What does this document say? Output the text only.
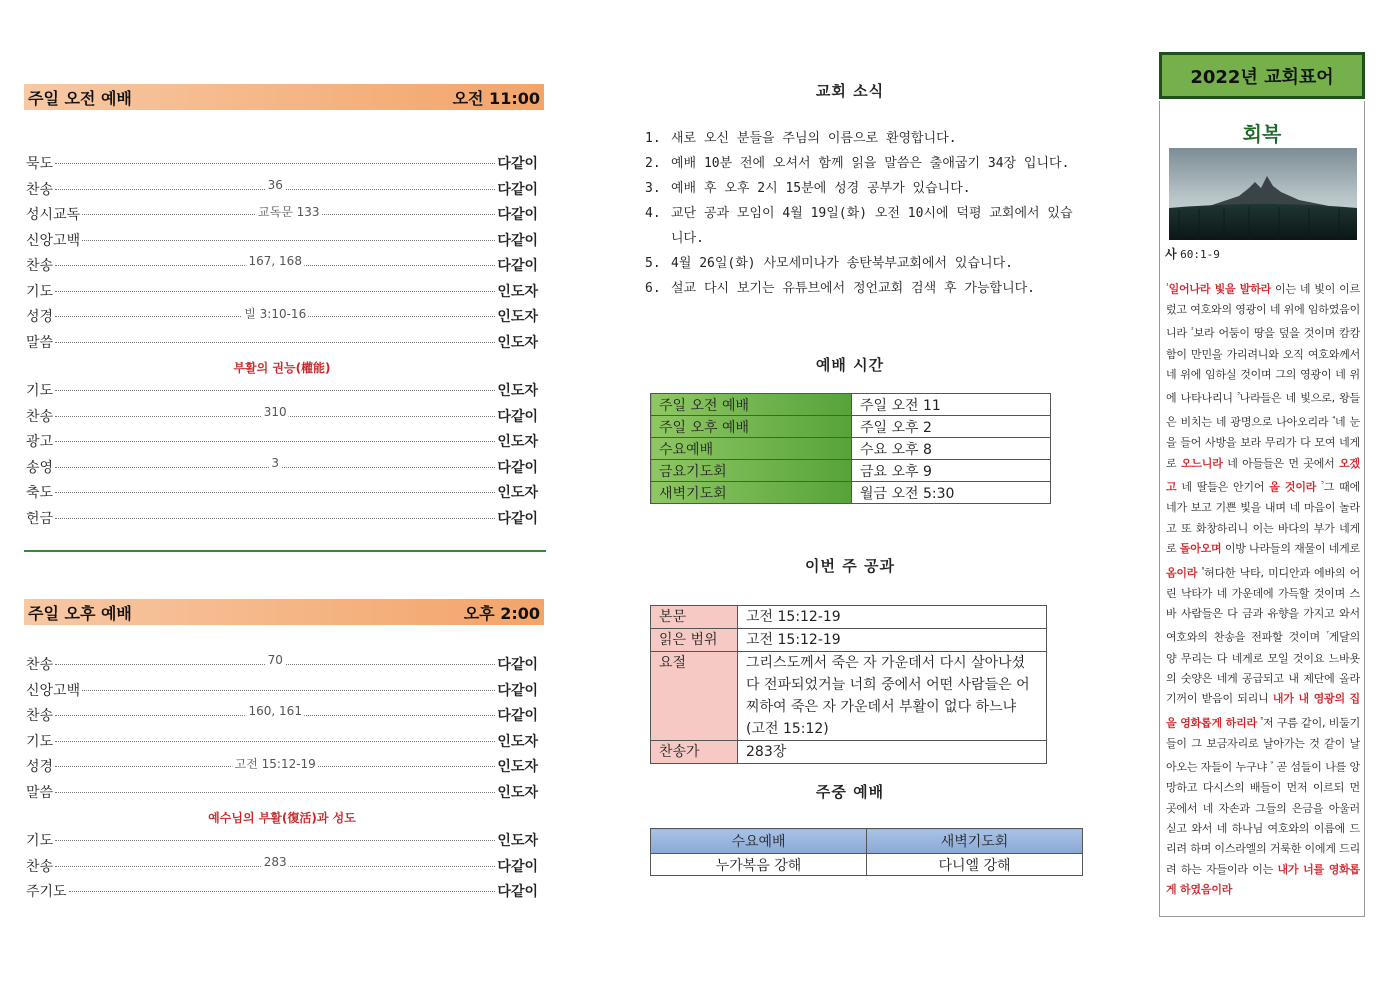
주일 오전 예배	오전 11:00
묵도	다같이
찬송	36	다같이
성시교독	교독문 133	다같이
신앙고백	다같이
찬송	167, 168	다같이
기도	인도자
성경	빌 3:10-16	인도자
말씀	인도자
부활의 권능(權能)
기도	인도자
찬송	310	다같이
광고	인도자
송영	3	다같이
축도	인도자
헌금	다같이
주일 오후 예배	오후 2:00
찬송	70	다같이
신앙고백	다같이
찬송	160, 161	다같이
기도	인도자
성경	고전 15:12-19	인도자
말씀	인도자
예수님의 부활(復活)과 성도
기도	인도자
찬송	283	다같이
주기도	다같이
교회 소식
1. 새로 오신 분들을 주님의 이름으로 환영합니다.
2. 예배 10분 전에 오셔서 함께 읽을 말씀은 출애굽기 34장 입니다.
3. 예배 후 오후 2시 15분에 성경 공부가 있습니다.
4. 교단 공과 모임이 4월 19일(화) 오전 10시에 덕평 교회에서 있습니다.
5. 4월 26일(화) 사모세미나가 송탄북부교회에서 있습니다.
6. 설교 다시 보기는 유튜브에서 정언교회 검색 후 가능합니다.
예배 시간
주일 오전 예배	주일 오전 11
주일 오후 예배	주일 오후 2
수요예배	수요 오후 8
금요기도회	금요 오후 9
새벽기도회	월금 오전 5:30
이번 주 공과
본문	고전 15:12-19
읽은 범위	고전 15:12-19
요절	그리스도께서 죽은 자 가운데서 다시 살아나셨다 전파되었거늘 너희 중에서 어떤 사람들은 어찌하여 죽은 자 가운데서 부활이 없다 하느냐 (고전 15:12)
찬송가	283장
주중 예배
수요예배	새벽기도회
누가복음 강해	다니엘 강해
2022년 교회표어
회복
사 60:1-9
$^{^1}$일어나라 빛을 발하라 이는 네 빛이 이르렀고 여호와의 영광이 네 위에 임하였음이니라 $^{^2}$보라 어둠이 땅을 덮을 것이며 캄캄함이 만민을 가리려니와 오직 여호와께서 네 위에 임하실 것이며 그의 영광이 네 위에 나타나리니 $^{^3}$나라들은 네 빛으로, 왕들은 비치는 네 광명으로 나아오리라 $^{^4}$네 눈을 들어 사방을 보라 무리가 다 모여 네게로 오느니라 네 아들들은 먼 곳에서 오겠고 네 딸들은 안기어 올 것이라 $^{^5}$그 때에 네가 보고 기쁜 빛을 내며 네 마음이 놀라고 또 화창하리니 이는 바다의 부가 네게로 돌아오며 이방 나라들의 재물이 네게로 옴이라 $^{^6}$허다한 낙타, 미디안과 에바의 어린 낙타가 네 가운데에 가득할 것이며 스바 사람들은 다 금과 유향을 가지고 와서 여호와의 찬송을 전파할 것이며 $^{^7}$게달의 양 무리는 다 네게로 모일 것이요 느바욧의 숫양은 네게 공급되고 내 제단에 올라 기꺼이 받음이 되리니 내가 내 영광의 집을 영화롭게 하리라 $^{^8}$저 구름 같이, 비둘기들이 그 보금자리로 날아가는 것 같이 날아오는 자들이 누구냐 $^{^9}$ 곧 섬들이 나를 앙망하고 다시스의 배들이 먼저 이르되 먼 곳에서 네 자손과 그들의 은금을 아울러 싣고 와서 네 하나님 여호와의 이름에 드리려 하며 이스라엘의 거룩한 이에게 드리려 하는 자들이라 이는 내가 너를 영화롭게 하였음이라
